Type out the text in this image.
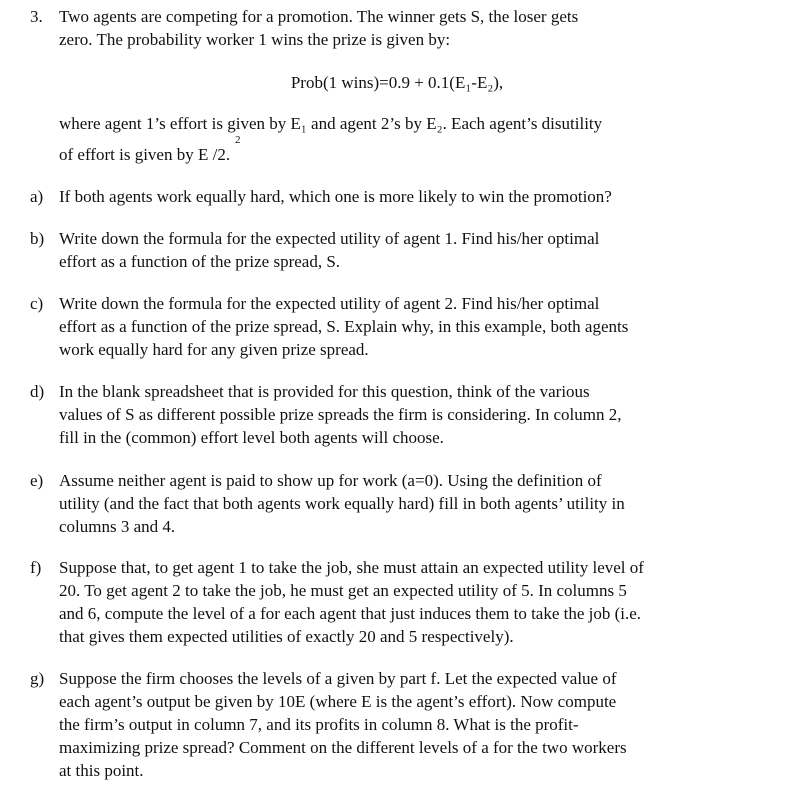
3. Two agents are competing for a promotion. The winner gets S, the loser gets
zero. The probability worker 1 wins the prize is given by:
Prob(1 wins)=0.9 + 0.1(E₁-E₂),
where agent 1’s effort is given by E₁ and agent 2’s by E₂. Each agent’s disutility
of effort is given by E /2.
2
a) If both agents work equally hard, which one is more likely to win the promotion?
b) Write down the formula for the expected utility of agent 1. Find his/her optimal
effort as a function of the prize spread, S.
c) Write down the formula for the expected utility of agent 2. Find his/her optimal
effort as a function of the prize spread, S. Explain why, in this example, both agents
work equally hard for any given prize spread.
d) In the blank spreadsheet that is provided for this question, think of the various
values of S as different possible prize spreads the firm is considering. In column 2,
fill in the (common) effort level both agents will choose.
e) Assume neither agent is paid to show up for work (a=0). Using the definition of
utility (and the fact that both agents work equally hard) fill in both agents’ utility in
columns 3 and 4.
f) Suppose that, to get agent 1 to take the job, she must attain an expected utility level of
20. To get agent 2 to take the job, he must get an expected utility of 5. In columns 5
and 6, compute the level of a for each agent that just induces them to take the job (i.e.
that gives them expected utilities of exactly 20 and 5 respectively).
g) Suppose the firm chooses the levels of a given by part f. Let the expected value of
each agent’s output be given by 10E (where E is the agent’s effort). Now compute
the firm’s output in column 7, and its profits in column 8. What is the profit-
maximizing prize spread? Comment on the different levels of a for the two workers
at this point.
